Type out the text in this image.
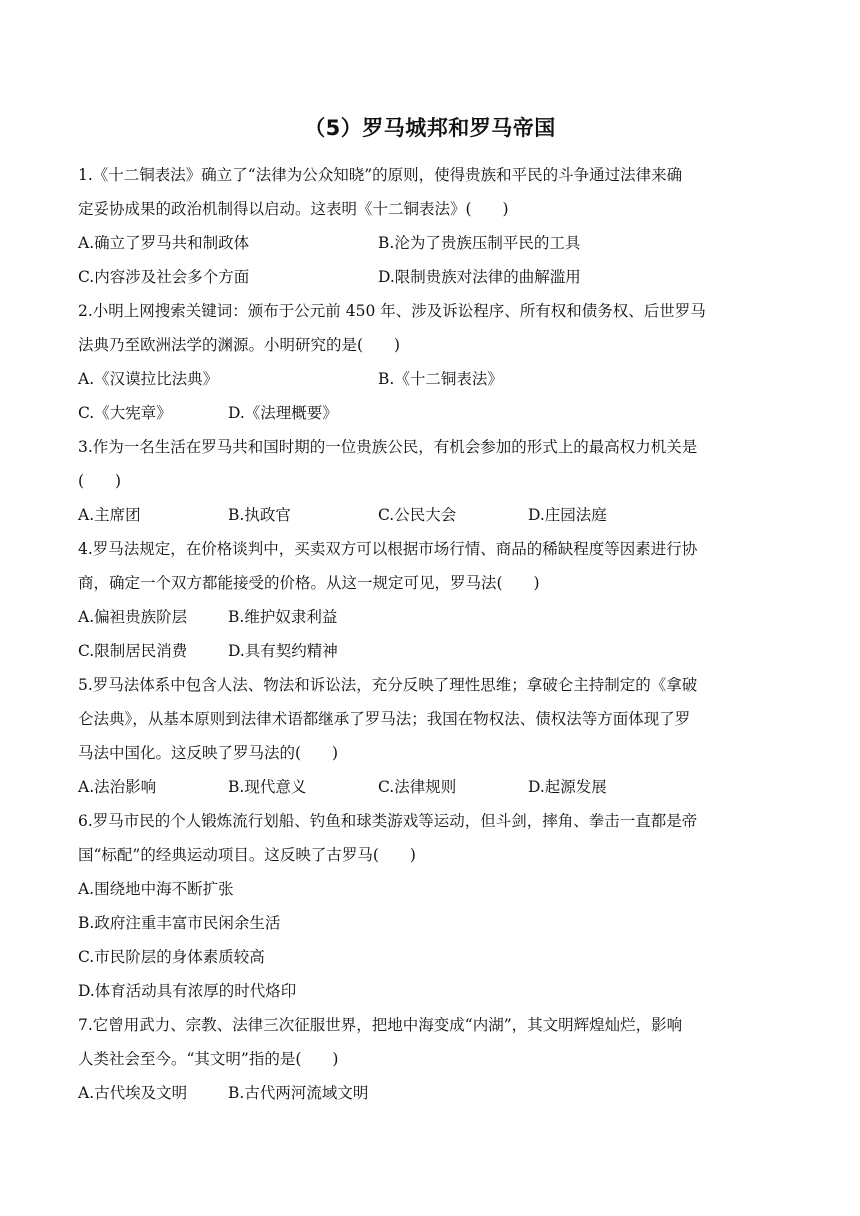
（5）罗马城邦和罗马帝国
1.《十二铜表法》确立了“法律为公众知晓”的原则，使得贵族和平民的斗争通过法律来确
定妥协成果的政治机制得以启动。这表明《十二铜表法》(　　)
A.确立了罗马共和制政体	B.沦为了贵族压制平民的工具
C.内容涉及社会多个方面	D.限制贵族对法律的曲解滥用
2.小明上网搜索关键词：颁布于公元前 450 年、涉及诉讼程序、所有权和债务权、后世罗马
法典乃至欧洲法学的渊源。小明研究的是(　　)
A.《汉谟拉比法典》	B.《十二铜表法》
C.《大宪章》	D.《法理概要》
3.作为一名生活在罗马共和国时期的一位贵族公民，有机会参加的形式上的最高权力机关是
(　　)
A.主席团	B.执政官	C.公民大会	D.庄园法庭
4.罗马法规定，在价格谈判中，买卖双方可以根据市场行情、商品的稀缺程度等因素进行协
商，确定一个双方都能接受的价格。从这一规定可见，罗马法(　　)
A.偏袒贵族阶层	B.维护奴隶利益
C.限制居民消费	D.具有契约精神
5.罗马法体系中包含人法、物法和诉讼法，充分反映了理性思维；拿破仑主持制定的《拿破
仑法典》，从基本原则到法律术语都继承了罗马法；我国在物权法、债权法等方面体现了罗
马法中国化。这反映了罗马法的(　　)
A.法治影响	B.现代意义	C.法律规则	D.起源发展
6.罗马市民的个人锻炼流行划船、钓鱼和球类游戏等运动，但斗剑，摔角、拳击一直都是帝
国“标配”的经典运动项目。这反映了古罗马(　　)
A.围绕地中海不断扩张
B.政府注重丰富市民闲余生活
C.市民阶层的身体素质较高
D.体育活动具有浓厚的时代烙印
7.它曾用武力、宗教、法律三次征服世界，把地中海变成“内湖”，其文明辉煌灿烂，影响
人类社会至今。“其文明”指的是(　　)
A.古代埃及文明	B.古代两河流域文明
